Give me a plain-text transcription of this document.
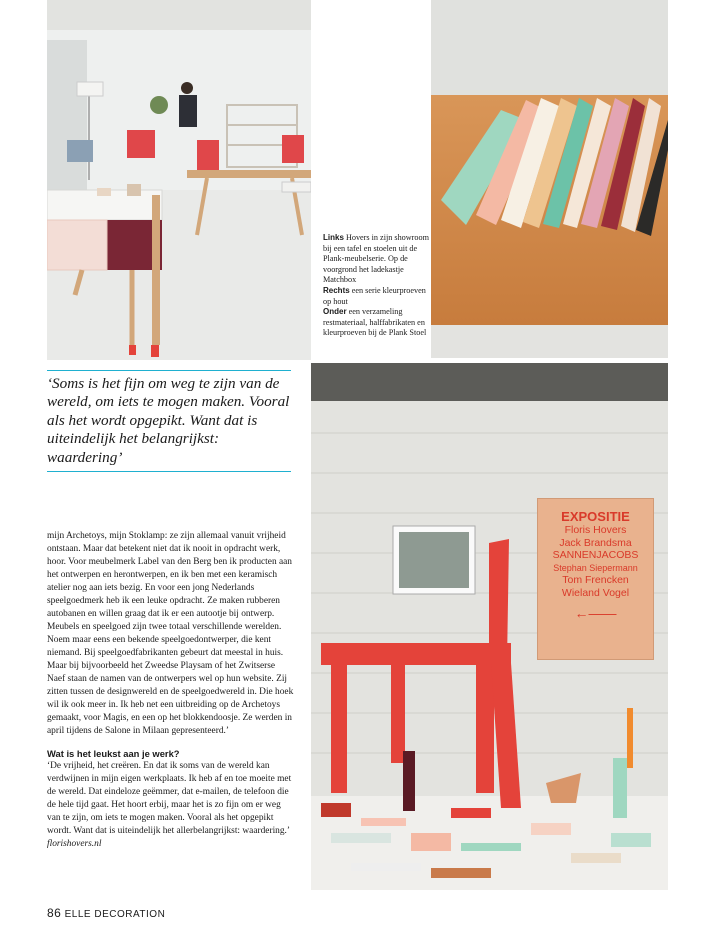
Links Hovers in zijn showroom bij een tafel en stoelen uit de Plank-meubelserie. Op de voorgrond het ladekastje Matchbox
Rechts een serie kleurproeven op hout
Onder een verzameling restmateriaal, halffabrikaten en kleurproeven bij de Plank Stoel
‘Soms is het fijn om weg te zijn van de wereld, om iets te mogen maken. Vooral als het wordt opgepikt. Want dat is uiteindelijk het belangrijkst: waardering’

mijn Archetoys, mijn Stoklamp: ze zijn allemaal vanuit vrijheid ontstaan. Maar dat betekent niet dat ik nooit in opdracht werk, hoor. Voor meubelmerk Label van den Berg ben ik producten aan het ontwerpen en herontwerpen, en ik ben met een keramisch atelier nog aan iets bezig. En voor een jong Nederlands speelgoedmerk heb ik een leuke opdracht. Ze maken rubberen autobanen en willen graag dat ik er een autootje bij ontwerp.

Meubels en speelgoed zijn twee totaal verschillende werelden. Noem maar eens een bekende speelgoedontwerper, die kent niemand. Bij speelgoedfabrikanten gebeurt dat meestal in huis. Maar bij bijvoorbeeld het Zweedse Playsam of het Zwitserse Naef staan de namen van de ontwerpers wel op hun website. Zij zitten tussen de designwereld en de speelgoedwereld in. Die hoek wil ik ook meer in. Ik heb net een uitbreiding op de Archetoys gemaakt, voor Magis, en een op het blokkendoosje. Ze werden in april tijdens de Salone in Milaan gepresenteerd.’

Wat is het leukst aan je werk?

‘De vrijheid, het creëren. En dat ik soms van de wereld kan verdwijnen in mijn eigen werkplaats. Ik heb af en toe moeite met de wereld. Dat eindeloze geëmmer, dat e-mailen, de telefoon die de hele tijd gaat. Het hoort erbij, maar het is zo fijn om er weg van te zijn, om iets te mogen maken. Vooral als het opgepikt wordt. Want dat is uiteindelijk het allerbelangrijkst: waardering.’

florishovers.nl

EXPOSITIE
Floris Hovers
Jack Brandsma
SANNENJACOBS
Stephan Siepermann
Tom Frencken
Wieland Vogel
←——
86 ELLE DECORATION
